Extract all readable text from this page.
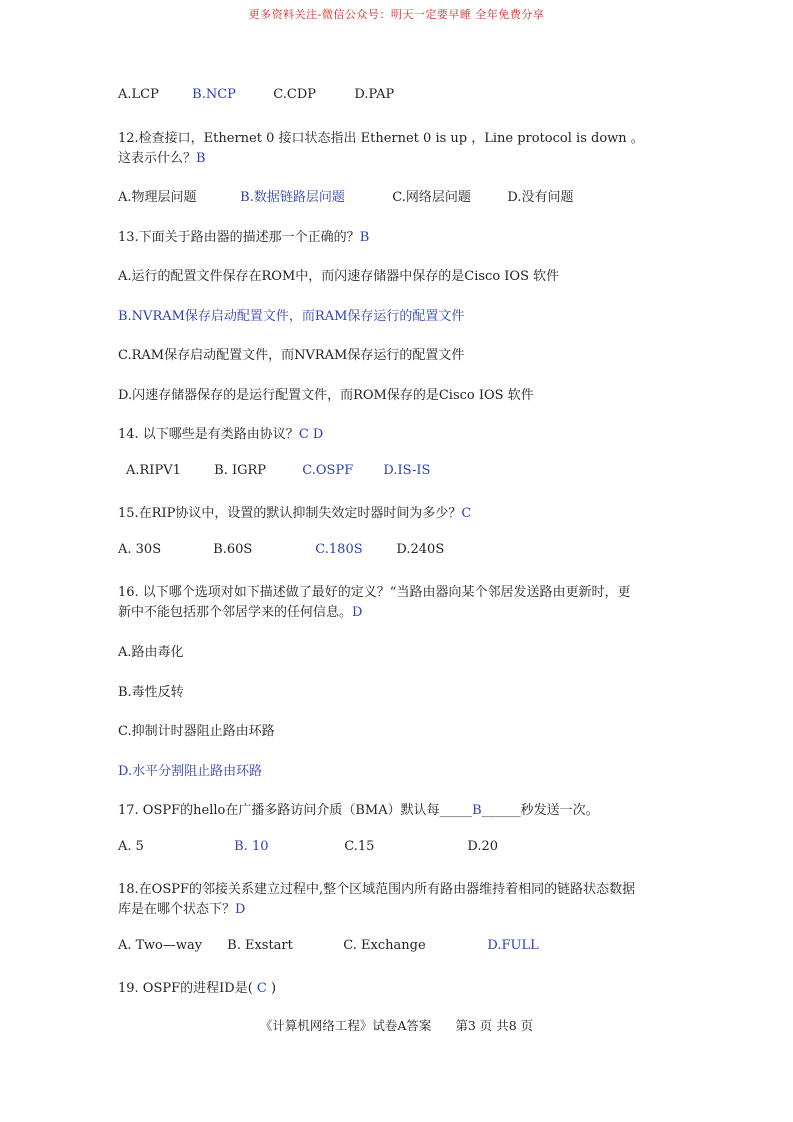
更多资料关注-微信公众号：明天一定要早睡 全年免费分享
A.LCP	B.NCP	C.CDP	D.PAP
12.检查接口，Ethernet 0 接口状态指出 Ethernet 0 is up ，Line protocol is down 。
这表示什么？B
A.物理层问题	B.数据链路层问题	C.网络层问题	D.没有问题
13.下面关于路由器的描述那一个正确的？B
A.运行的配置文件保存在ROM中，而闪速存储器中保存的是Cisco IOS 软件
B.NVRAM保存启动配置文件，而RAM保存运行的配置文件
C.RAM保存启动配置文件，而NVRAM保存运行的配置文件
D.闪速存储器保存的是运行配置文件，而ROM保存的是Cisco IOS 软件
14. 以下哪些是有类路由协议？C D
A.RIPV1	B. IGRP	C.OSPF D.IS-IS
15.在RIP协议中，设置的默认抑制失效定时器时间为多少？C
A. 30S	B.60S	C.180S	D.240S
16. 以下哪个选项对如下描述做了最好的定义？“当路由器向某个邻居发送路由更新时，更
新中不能包括那个邻居学来的任何信息。D
A.路由毒化
B.毒性反转
C.抑制计时器阻止路由环路
D.水平分割阻止路由环路
17. OSPF的hello在广播多路访问介质（BMA）默认每_____B______秒发送一次。
A. 5	B. 10	C.15	D.20
18.在OSPF的邻接关系建立过程中,整个区域范围内所有路由器维持着相同的链路状态数据
库是在哪个状态下？D
A. Two—way B. Exstart	C. Exchange	D.FULL
19. OSPF的进程ID是( C )
《计算机网络工程》试卷A答案 第3 页 共8 页
